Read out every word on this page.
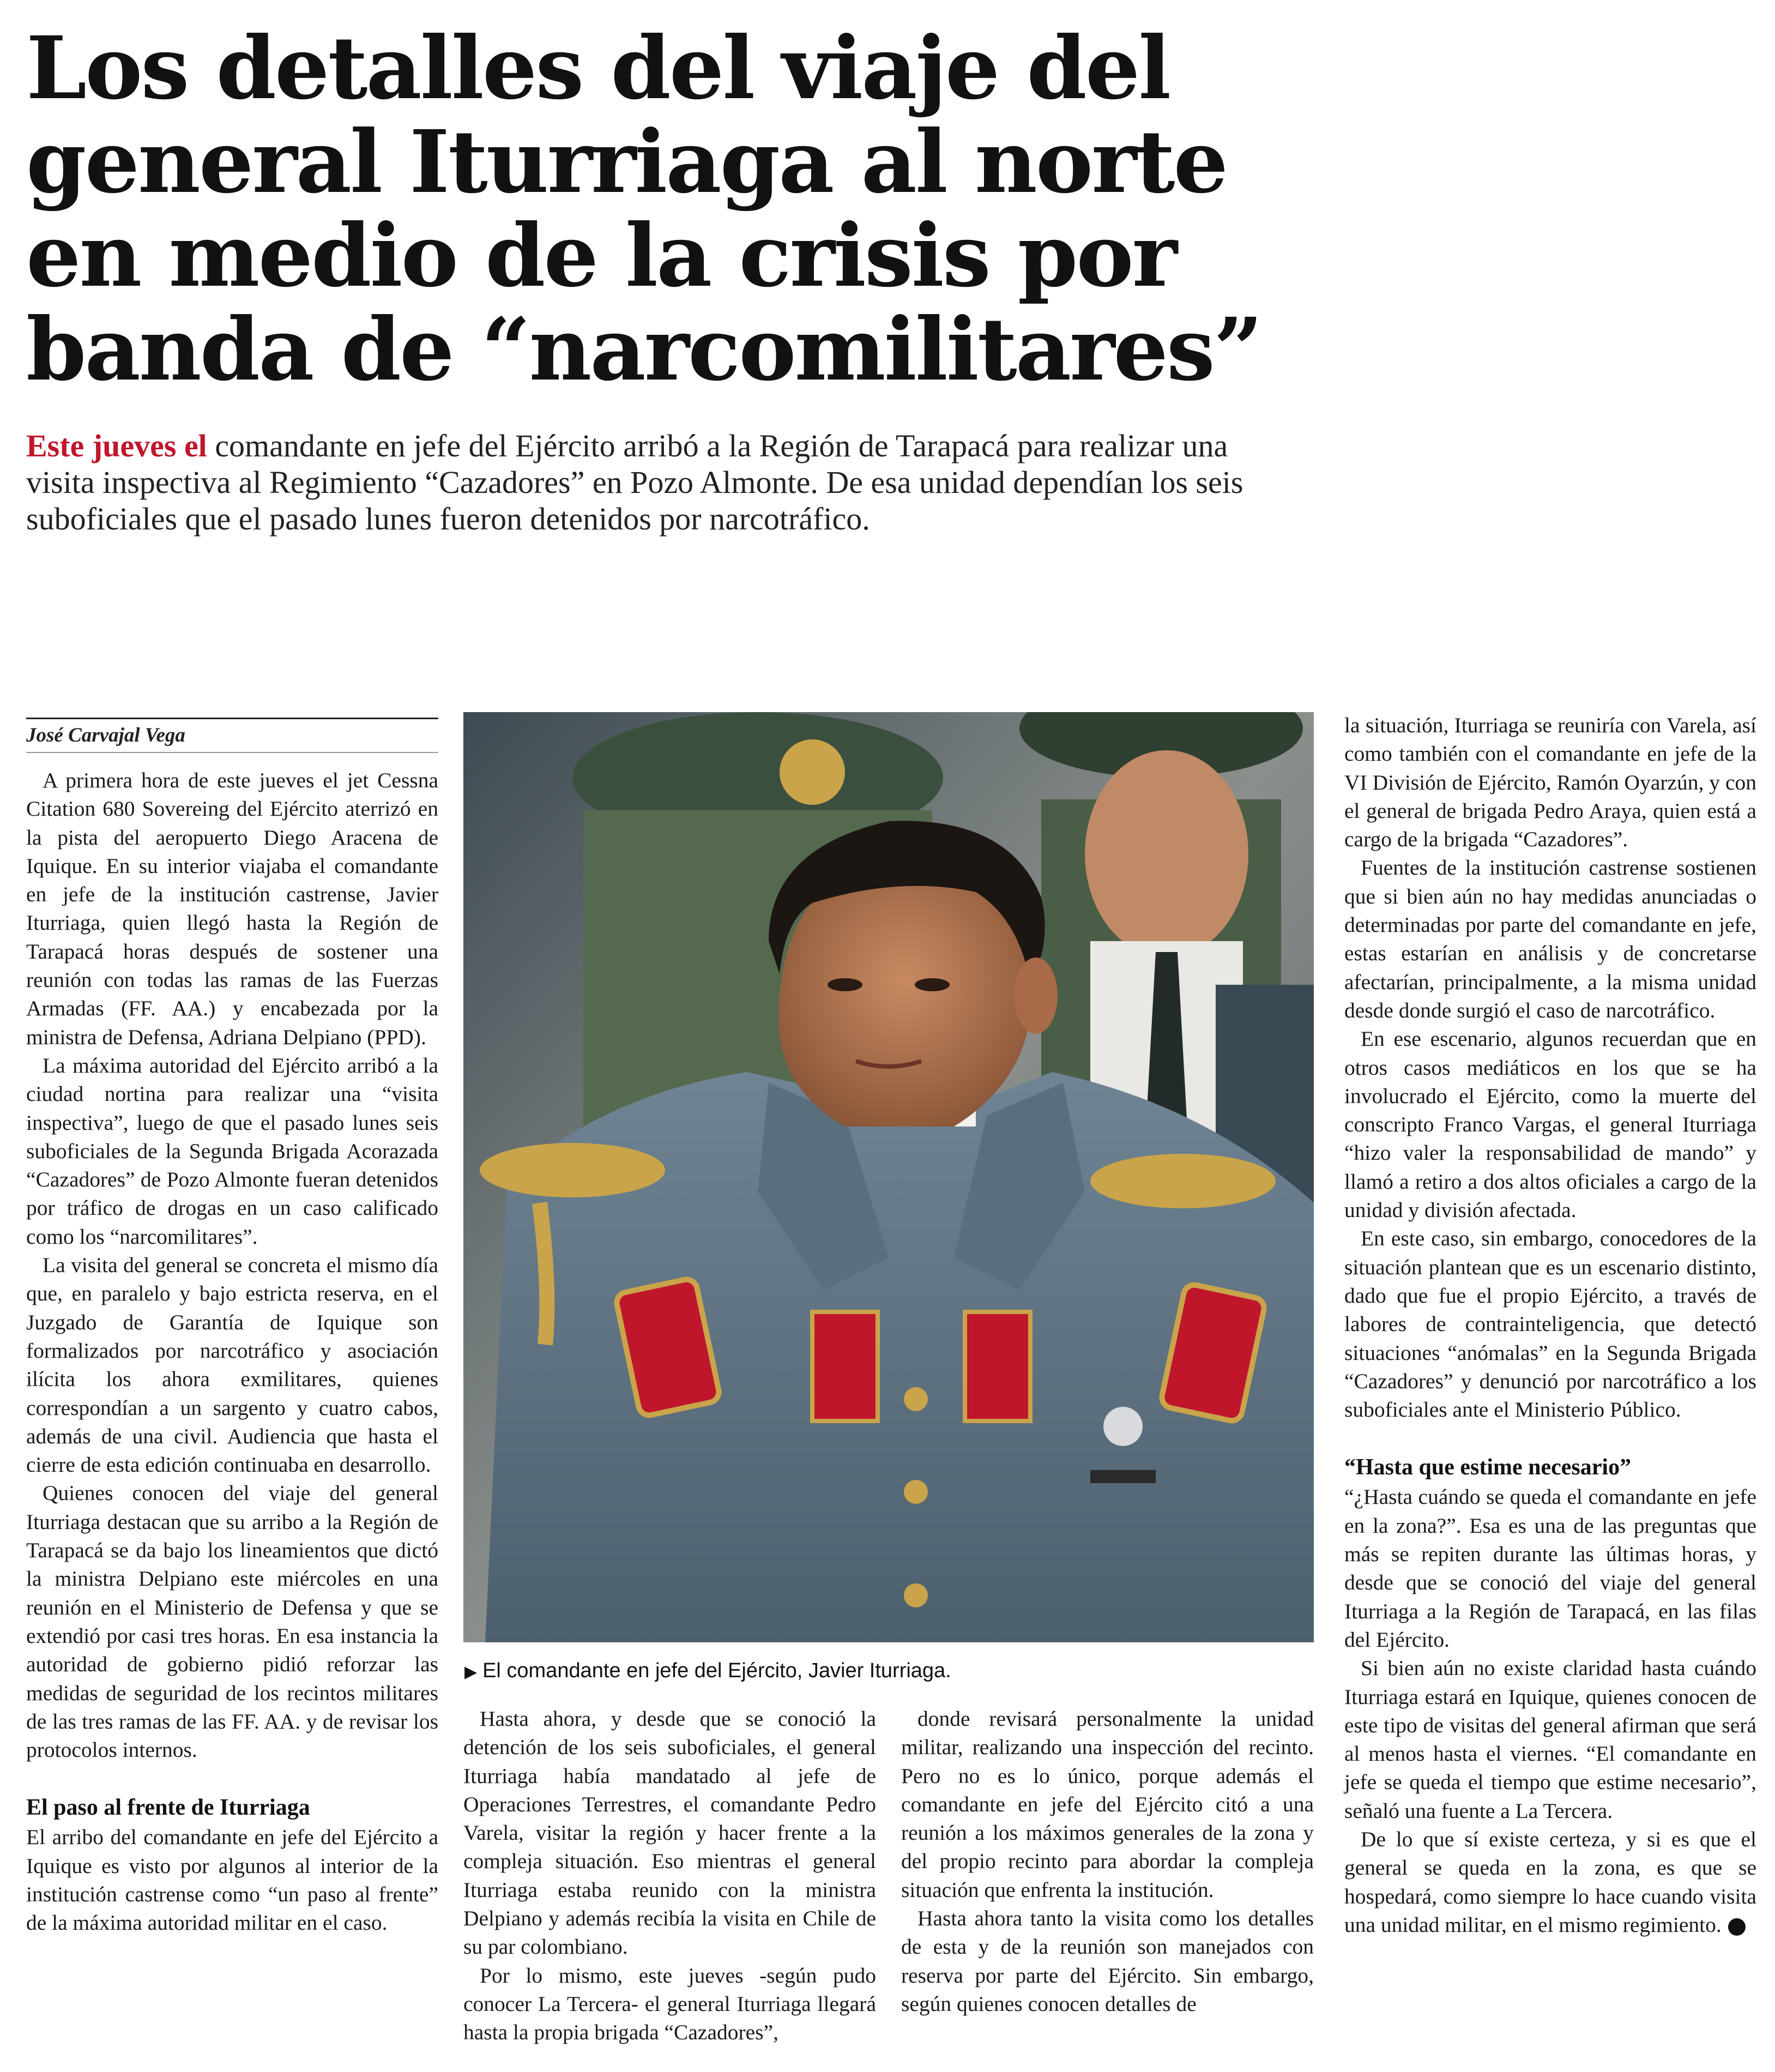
Los detalles del viaje del general Iturriaga al norte en medio de la crisis por banda de “narcomilitares”

Este jueves el comandante en jefe del Ejército arribó a la Región de Tarapacá para realizar una visita inspectiva al Regimiento “Cazadores” en Pozo Almonte. De esa unidad dependían los seis suboficiales que el pasado lunes fueron detenidos por narcotráfico.

José Carvajal Vega

A primera hora de este jueves el jet Cessna Citation 680 Sovereing del Ejército aterrizó en la pista del aeropuerto Diego Aracena de Iquique. En su interior viajaba el comandante en jefe de la institución castrense, Javier Iturriaga, quien llegó hasta la Región de Tarapacá horas después de sostener una reunión con todas las ramas de las Fuerzas Armadas (FF. AA.) y encabezada por la ministra de Defensa, Adriana Delpiano (PPD).

La máxima autoridad del Ejército arribó a la ciudad nortina para realizar una “visita inspectiva”, luego de que el pasado lunes seis suboficiales de la Segunda Brigada Acorazada “Cazadores” de Pozo Almonte fueran detenidos por tráfico de drogas en un caso calificado como los “narcomilitares”.

La visita del general se concreta el mismo día que, en paralelo y bajo estricta reserva, en el Juzgado de Garantía de Iquique son formalizados por narcotráfico y asociación ilícita los ahora exmilitares, quienes correspondían a un sargento y cuatro cabos, además de una civil. Audiencia que hasta el cierre de esta edición continuaba en desarrollo.

Quienes conocen del viaje del general Iturriaga destacan que su arribo a la Región de Tarapacá se da bajo los lineamientos que dictó la ministra Delpiano este miércoles en una reunión en el Ministerio de Defensa y que se extendió por casi tres horas. En esa instancia la autoridad de gobierno pidió reforzar las medidas de seguridad de los recintos militares de las tres ramas de las FF. AA. y de revisar los protocolos internos.

El paso al frente de Iturriaga

El arribo del comandante en jefe del Ejército a Iquique es visto por algunos al interior de la institución castrense como “un paso al frente” de la máxima autoridad militar en el caso.

▶ El comandante en jefe del Ejército, Javier Iturriaga.

Hasta ahora, y desde que se conoció la detención de los seis suboficiales, el general Iturriaga había mandatado al jefe de Operaciones Terrestres, el comandante Pedro Varela, visitar la región y hacer frente a la compleja situación. Eso mientras el general Iturriaga estaba reunido con la ministra Delpiano y además recibía la visita en Chile de su par colombiano.

Por lo mismo, este jueves -según pudo conocer La Tercera- el general Iturriaga llegará hasta la propia brigada “Cazadores”,

donde revisará personalmente la unidad militar, realizando una inspección del recinto. Pero no es lo único, porque además el comandante en jefe del Ejército citó a una reunión a los máximos generales de la zona y del propio recinto para abordar la compleja situación que enfrenta la institución.

Hasta ahora tanto la visita como los detalles de esta y de la reunión son manejados con reserva por parte del Ejército. Sin embargo, según quienes conocen detalles de

la situación, Iturriaga se reuniría con Varela, así como también con el comandante en jefe de la VI División de Ejército, Ramón Oyarzún, y con el general de brigada Pedro Araya, quien está a cargo de la brigada “Cazadores”.

Fuentes de la institución castrense sostienen que si bien aún no hay medidas anunciadas o determinadas por parte del comandante en jefe, estas estarían en análisis y de concretarse afectarían, principalmente, a la misma unidad desde donde surgió el caso de narcotráfico.

En ese escenario, algunos recuerdan que en otros casos mediáticos en los que se ha involucrado el Ejército, como la muerte del conscripto Franco Vargas, el general Iturriaga “hizo valer la responsabilidad de mando” y llamó a retiro a dos altos oficiales a cargo de la unidad y división afectada.

En este caso, sin embargo, conocedores de la situación plantean que es un escenario distinto, dado que fue el propio Ejército, a través de labores de contrainteligencia, que detectó situaciones “anómalas” en la Segunda Brigada “Cazadores” y denunció por narcotráfico a los suboficiales ante el Ministerio Público.

“Hasta que estime necesario”

“¿Hasta cuándo se queda el comandante en jefe en la zona?”. Esa es una de las preguntas que más se repiten durante las últimas horas, y desde que se conoció del viaje del general Iturriaga a la Región de Tarapacá, en las filas del Ejército.

Si bien aún no existe claridad hasta cuándo Iturriaga estará en Iquique, quienes conocen de este tipo de visitas del general afirman que será al menos hasta el viernes. “El comandante en jefe se queda el tiempo que estime necesario”, señaló una fuente a La Tercera.

De lo que sí existe certeza, y si es que el general se queda en la zona, es que se hospedará, como siempre lo hace cuando visita una unidad militar, en el mismo regimiento.
